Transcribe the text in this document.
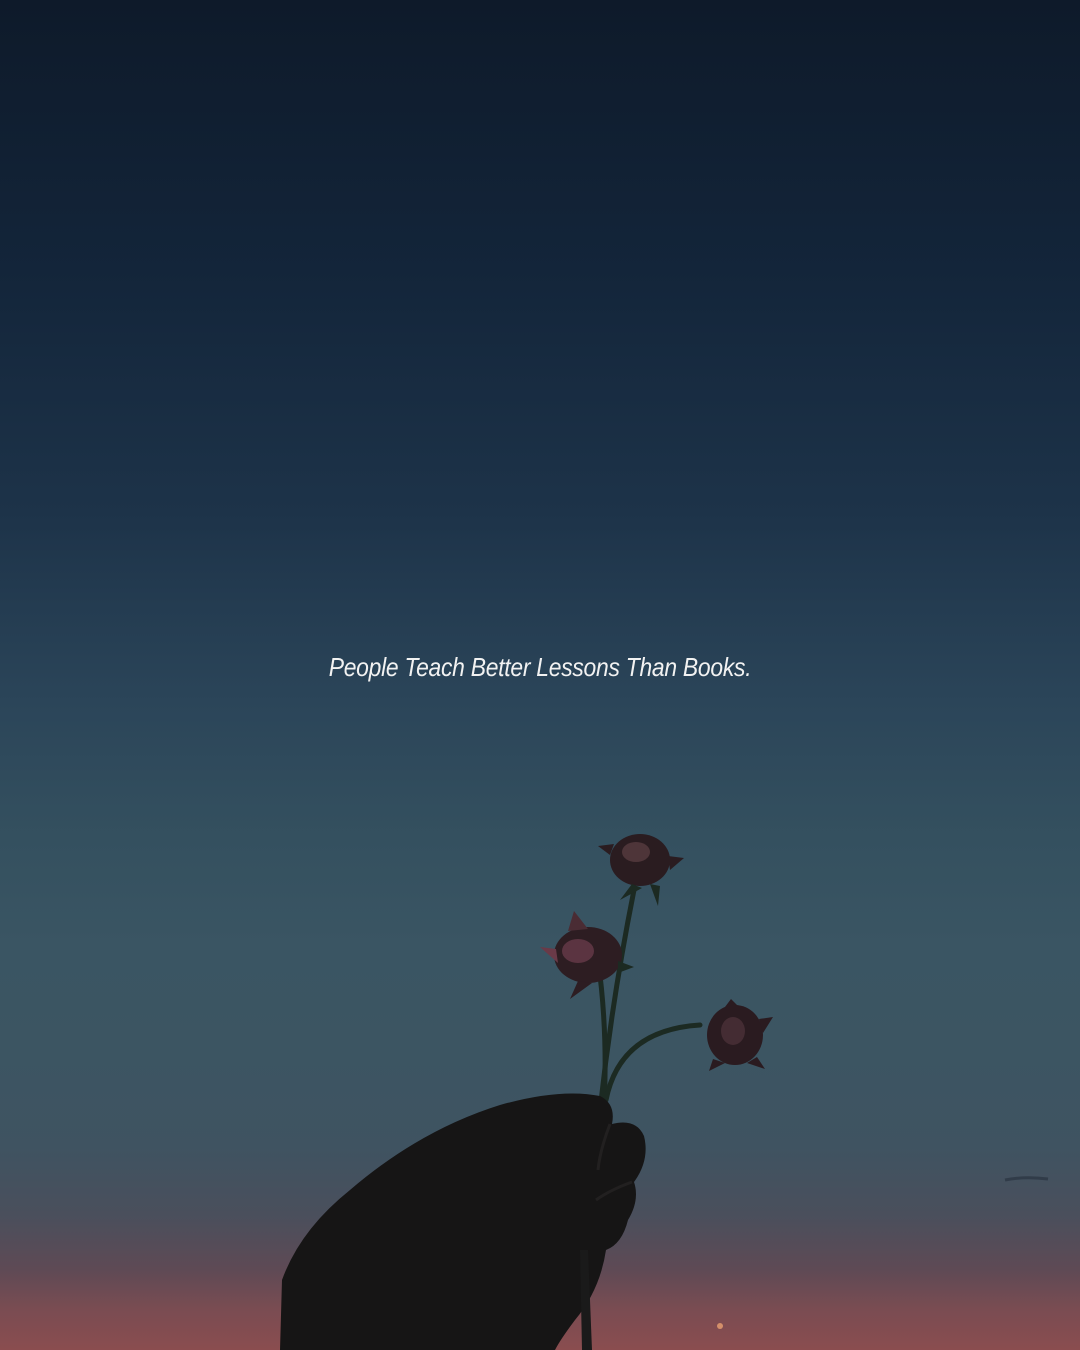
People Teach Better Lessons Than Books.
